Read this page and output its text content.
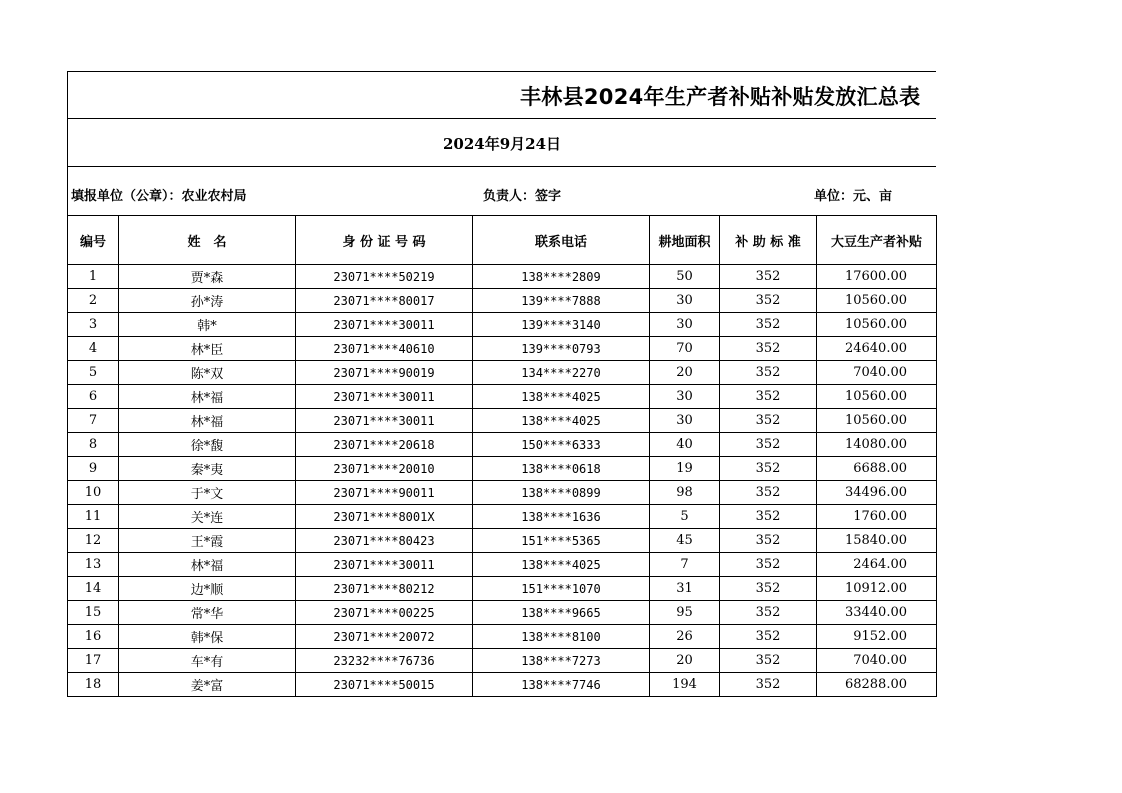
丰林县2024年生产者补贴补贴发放汇总表
2024年9月24日
填报单位（公章）：农业农村局	负责人：签字	单位：元、亩
编号	姓　名	身 份 证 号 码	联系电话	耕地面积	补 助 标 准	大豆生产者补贴
1	贾*森	23071****50219	138****2809	50	352	17600.00
2	孙*涛	23071****80017	139****7888	30	352	10560.00
3	韩*	23071****30011	139****3140	30	352	10560.00
4	林*臣	23071****40610	139****0793	70	352	24640.00
5	陈*双	23071****90019	134****2270	20	352	7040.00
6	林*福	23071****30011	138****4025	30	352	10560.00
7	林*福	23071****30011	138****4025	30	352	10560.00
8	徐*馥	23071****20618	150****6333	40	352	14080.00
9	秦*夷	23071****20010	138****0618	19	352	6688.00
10	于*文	23071****90011	138****0899	98	352	34496.00
11	关*连	23071****8001X	138****1636	5	352	1760.00
12	王*霞	23071****80423	151****5365	45	352	15840.00
13	林*福	23071****30011	138****4025	7	352	2464.00
14	边*顺	23071****80212	151****1070	31	352	10912.00
15	常*华	23071****00225	138****9665	95	352	33440.00
16	韩*保	23071****20072	138****8100	26	352	9152.00
17	车*有	23232****76736	138****7273	20	352	7040.00
18	姜*富	23071****50015	138****7746	194	352	68288.00
